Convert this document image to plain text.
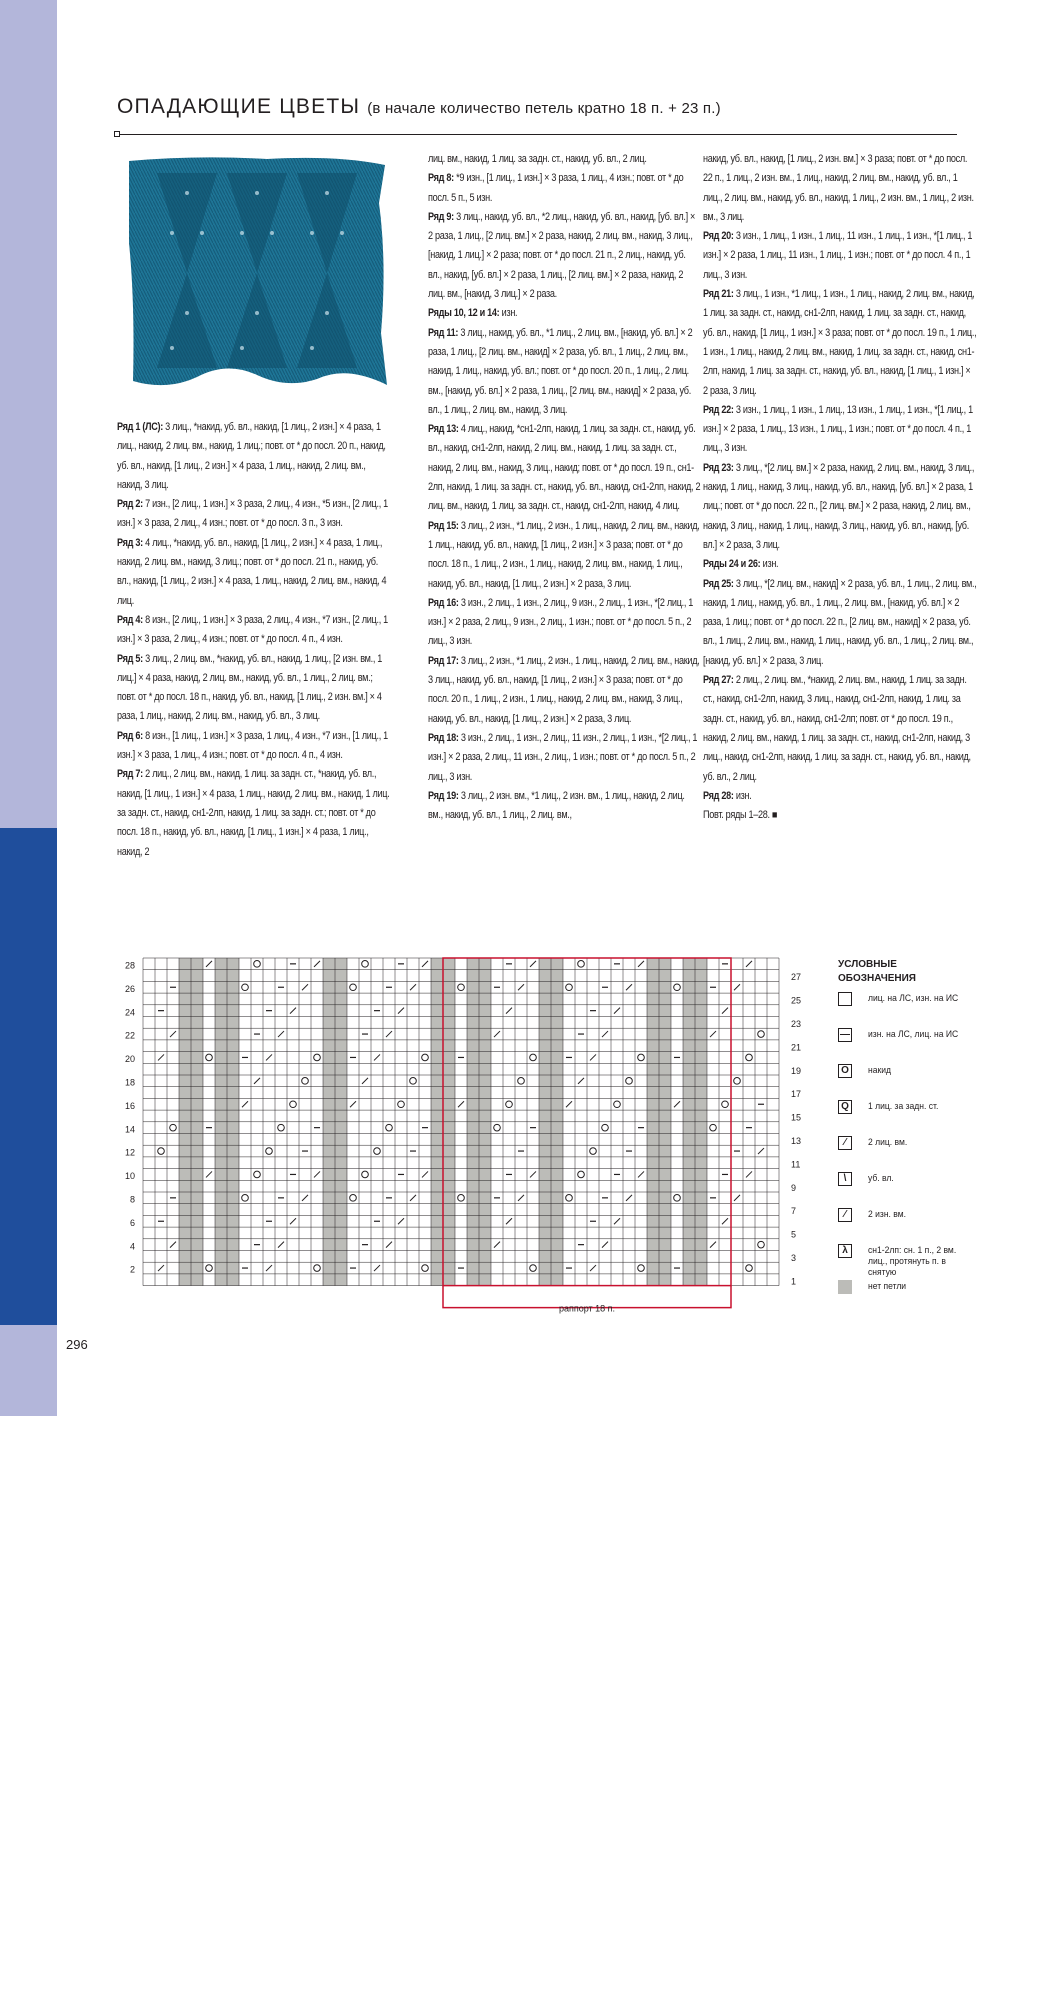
ГЛАВА 4 • АЖУРНЫЕ УЗОРЫ
ОПАДАЮЩИЕ ЦВЕТЫ (в начале количество петель кратно 18 п. + 23 п.)

Ряд 1 (ЛС): 3 лиц., *накид, уб. вл., накид, [1 лиц., 2 изн.] × 4 раза, 1 лиц., накид, 2 лиц. вм., накид, 1 лиц.; повт. от * до посл. 20 п., накид, уб. вл., накид, [1 лиц., 2 изн.] × 4 раза, 1 лиц., накид, 2 лиц. вм., накид, 3 лиц.

Ряд 2: 7 изн., [2 лиц., 1 изн.] × 3 раза, 2 лиц., 4 изн., *5 изн., [2 лиц., 1 изн.] × 3 раза, 2 лиц., 4 изн.; повт. от * до посл. 3 п., 3 изн.

Ряд 3: 4 лиц., *накид, уб. вл., накид, [1 лиц., 2 изн.] × 4 раза, 1 лиц., накид, 2 лиц. вм., накид, 3 лиц.; повт. от * до посл. 21 п., накид, уб. вл., накид, [1 лиц., 2 изн.] × 4 раза, 1 лиц., накид, 2 лиц. вм., накид, 4 лиц.

Ряд 4: 8 изн., [2 лиц., 1 изн.] × 3 раза, 2 лиц., 4 изн., *7 изн., [2 лиц., 1 изн.] × 3 раза, 2 лиц., 4 изн.; повт. от * до посл. 4 п., 4 изн.

Ряд 5: 3 лиц., 2 лиц. вм., *накид, уб. вл., накид, 1 лиц., [2 изн. вм., 1 лиц.] × 4 раза, накид, 2 лиц. вм., накид, уб. вл., 1 лиц., 2 лиц. вм.; повт. от * до посл. 18 п., накид, уб. вл., накид, [1 лиц., 2 изн. вм.] × 4 раза, 1 лиц., накид, 2 лиц. вм., накид, уб. вл., 3 лиц.

Ряд 6: 8 изн., [1 лиц., 1 изн.] × 3 раза, 1 лиц., 4 изн., *7 изн., [1 лиц., 1 изн.] × 3 раза, 1 лиц., 4 изн.; повт. от * до посл. 4 п., 4 изн.

Ряд 7: 2 лиц., 2 лиц. вм., накид, 1 лиц. за задн. ст., *накид, уб. вл., накид, [1 лиц., 1 изн.] × 4 раза, 1 лиц., накид, 2 лиц. вм., накид, 1 лиц. за задн. ст., накид, сн1-2лп, накид, 1 лиц. за задн. ст.; повт. от * до посл. 18 п., накид, уб. вл., накид, [1 лиц., 1 изн.] × 4 раза, 1 лиц., накид, 2

лиц. вм., накид, 1 лиц. за задн. ст., накид, уб. вл., 2 лиц.

Ряд 8: *9 изн., [1 лиц., 1 изн.] × 3 раза, 1 лиц., 4 изн.; повт. от * до посл. 5 п., 5 изн.

Ряд 9: 3 лиц., накид, уб. вл., *2 лиц., накид, уб. вл., накид, [уб. вл.] × 2 раза, 1 лиц., [2 лиц. вм.] × 2 раза, накид, 2 лиц. вм., накид, 3 лиц., [накид, 1 лиц.] × 2 раза; повт. от * до посл. 21 п., 2 лиц., накид, уб. вл., накид, [уб. вл.] × 2 раза, 1 лиц., [2 лиц. вм.] × 2 раза, накид, 2 лиц. вм., [накид, 3 лиц.] × 2 раза.

Ряды 10, 12 и 14: изн.

Ряд 11: 3 лиц., накид, уб. вл., *1 лиц., 2 лиц. вм., [накид, уб. вл.] × 2 раза, 1 лиц., [2 лиц. вм., накид] × 2 раза, уб. вл., 1 лиц., 2 лиц. вм., накид, 1 лиц., накид, уб. вл.; повт. от * до посл. 20 п., 1 лиц., 2 лиц. вм., [накид, уб. вл.] × 2 раза, 1 лиц., [2 лиц. вм., накид] × 2 раза, уб. вл., 1 лиц., 2 лиц. вм., накид, 3 лиц.

Ряд 13: 4 лиц., накид, *сн1-2лп, накид, 1 лиц. за задн. ст., накид, уб. вл., накид, сн1-2лп, накид, 2 лиц. вм., накид, 1 лиц. за задн. ст., накид, 2 лиц. вм., накид, 3 лиц., накид; повт. от * до посл. 19 п., сн1-2лп, накид, 1 лиц. за задн. ст., накид, уб. вл., накид, сн1-2лп, накид, 2 лиц. вм., накид, 1 лиц. за задн. ст., накид, сн1-2лп, накид, 4 лиц.

Ряд 15: 3 лиц., 2 изн., *1 лиц., 2 изн., 1 лиц., накид, 2 лиц. вм., накид, 1 лиц., накид, уб. вл., накид, [1 лиц., 2 изн.] × 3 раза; повт. от * до посл. 18 п., 1 лиц., 2 изн., 1 лиц., накид, 2 лиц. вм., накид, 1 лиц., накид, уб. вл., накид, [1 лиц., 2 изн.] × 2 раза, 3 лиц.

Ряд 16: 3 изн., 2 лиц., 1 изн., 2 лиц., 9 изн., 2 лиц., 1 изн., *[2 лиц., 1 изн.] × 2 раза, 2 лиц., 9 изн., 2 лиц., 1 изн.; повт. от * до посл. 5 п., 2 лиц., 3 изн.

Ряд 17: 3 лиц., 2 изн., *1 лиц., 2 изн., 1 лиц., накид, 2 лиц. вм., накид, 3 лиц., накид, уб. вл., накид, [1 лиц., 2 изн.] × 3 раза; повт. от * до посл. 20 п., 1 лиц., 2 изн., 1 лиц., накид, 2 лиц. вм., накид, 3 лиц., накид, уб. вл., накид, [1 лиц., 2 изн.] × 2 раза, 3 лиц.

Ряд 18: 3 изн., 2 лиц., 1 изн., 2 лиц., 11 изн., 2 лиц., 1 изн., *[2 лиц., 1 изн.] × 2 раза, 2 лиц., 11 изн., 2 лиц., 1 изн.; повт. от * до посл. 5 п., 2 лиц., 3 изн.

Ряд 19: 3 лиц., 2 изн. вм., *1 лиц., 2 изн. вм., 1 лиц., накид, 2 лиц. вм., накид, уб. вл., 1 лиц., 2 лиц. вм.,

накид, уб. вл., накид, [1 лиц., 2 изн. вм.] × 3 раза; повт. от * до посл. 22 п., 1 лиц., 2 изн. вм., 1 лиц., накид, 2 лиц. вм., накид, уб. вл., 1 лиц., 2 лиц. вм., накид, уб. вл., накид, 1 лиц., 2 изн. вм., 1 лиц., 2 изн. вм., 3 лиц.

Ряд 20: 3 изн., 1 лиц., 1 изн., 1 лиц., 11 изн., 1 лиц., 1 изн., *[1 лиц., 1 изн.] × 2 раза, 1 лиц., 11 изн., 1 лиц., 1 изн.; повт. от * до посл. 4 п., 1 лиц., 3 изн.

Ряд 21: 3 лиц., 1 изн., *1 лиц., 1 изн., 1 лиц., накид, 2 лиц. вм., накид, 1 лиц. за задн. ст., накид, сн1-2лп, накид, 1 лиц. за задн. ст., накид, уб. вл., накид, [1 лиц., 1 изн.] × 3 раза; повт. от * до посл. 19 п., 1 лиц., 1 изн., 1 лиц., накид, 2 лиц. вм., накид, 1 лиц. за задн. ст., накид, сн1-2лп, накид, 1 лиц. за задн. ст., накид, уб. вл., накид, [1 лиц., 1 изн.] × 2 раза, 3 лиц.

Ряд 22: 3 изн., 1 лиц., 1 изн., 1 лиц., 13 изн., 1 лиц., 1 изн., *[1 лиц., 1 изн.] × 2 раза, 1 лиц., 13 изн., 1 лиц., 1 изн.; повт. от * до посл. 4 п., 1 лиц., 3 изн.

Ряд 23: 3 лиц., *[2 лиц. вм.] × 2 раза, накид, 2 лиц. вм., накид, 3 лиц., накид, 1 лиц., накид, 3 лиц., накид, уб. вл., накид, [уб. вл.] × 2 раза, 1 лиц.; повт. от * до посл. 22 п., [2 лиц. вм.] × 2 раза, накид, 2 лиц. вм., накид, 3 лиц., накид, 1 лиц., накид, 3 лиц., накид, уб. вл., накид, [уб. вл.] × 2 раза, 3 лиц.

Ряды 24 и 26: изн.

Ряд 25: 3 лиц., *[2 лиц. вм., накид] × 2 раза, уб. вл., 1 лиц., 2 лиц. вм., накид, 1 лиц., накид, уб. вл., 1 лиц., 2 лиц. вм., [накид, уб. вл.] × 2 раза, 1 лиц.; повт. от * до посл. 22 п., [2 лиц. вм., накид] × 2 раза, уб. вл., 1 лиц., 2 лиц. вм., накид, 1 лиц., накид, уб. вл., 1 лиц., 2 лиц. вм., [накид, уб. вл.] × 2 раза, 3 лиц.

Ряд 27: 2 лиц., 2 лиц. вм., *накид, 2 лиц. вм., накид, 1 лиц. за задн. ст., накид, сн1-2лп, накид, 3 лиц., накид, сн1-2лп, накид, 1 лиц. за задн. ст., накид, уб. вл., накид, сн1-2лп; повт. от * до посл. 19 п., накид, 2 лиц. вм., накид, 1 лиц. за задн. ст., накид, сн1-2лп, накид, 3 лиц., накид, сн1-2лп, накид, 1 лиц. за задн. ст., накид, уб. вл., накид, уб. вл., 2 лиц.

Ряд 28: изн.

Повт. ряды 1–28. ■

раппорт 18 п.
28
26
24
22
20
18
16
14
12
10
8
6
4
2
27
25
23
21
19
17
15
13
11
9
7
5
3
1
УСЛОВНЫЕ
ОБОЗНАЧЕНИЯ
лиц. на ЛС, изн. на ИС
— изн. на ЛС, лиц. на ИС
O	накид
Q	1 лиц. за задн. ст.
⁄	2 лиц. вм.
\	уб. вл.
⁄	2 изн. вм.
λ	сн1-2лп: сн. 1 п., 2 вм. лиц., протянуть п. в снятую
нет петли
296
